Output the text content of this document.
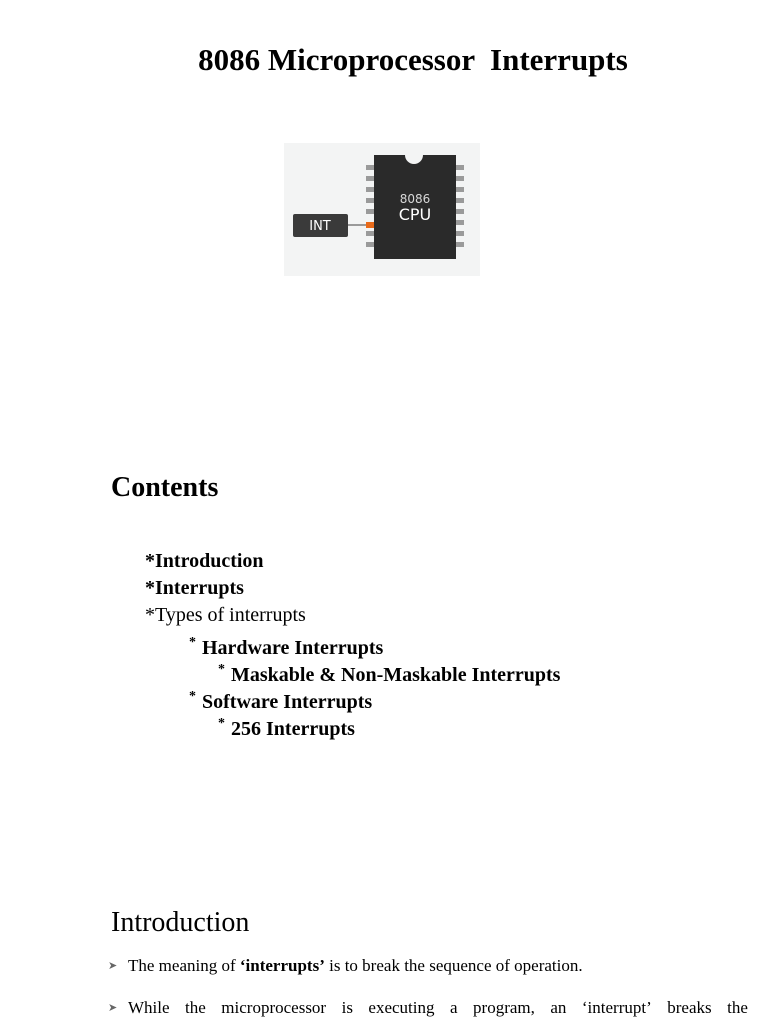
8086 Microprocessor  Interrupts
8086
CPU
INT
Contents
*Introduction
*Interrupts
*Types of interrupts
* Hardware Interrupts
* Maskable & Non-Maskable Interrupts
* Software Interrupts
* 256 Interrupts
Introduction
➤ The meaning of ‘interrupts’ is to break the sequence of operation.
➤ While the microprocessor is executing a program, an ‘interrupt’ breaks the
